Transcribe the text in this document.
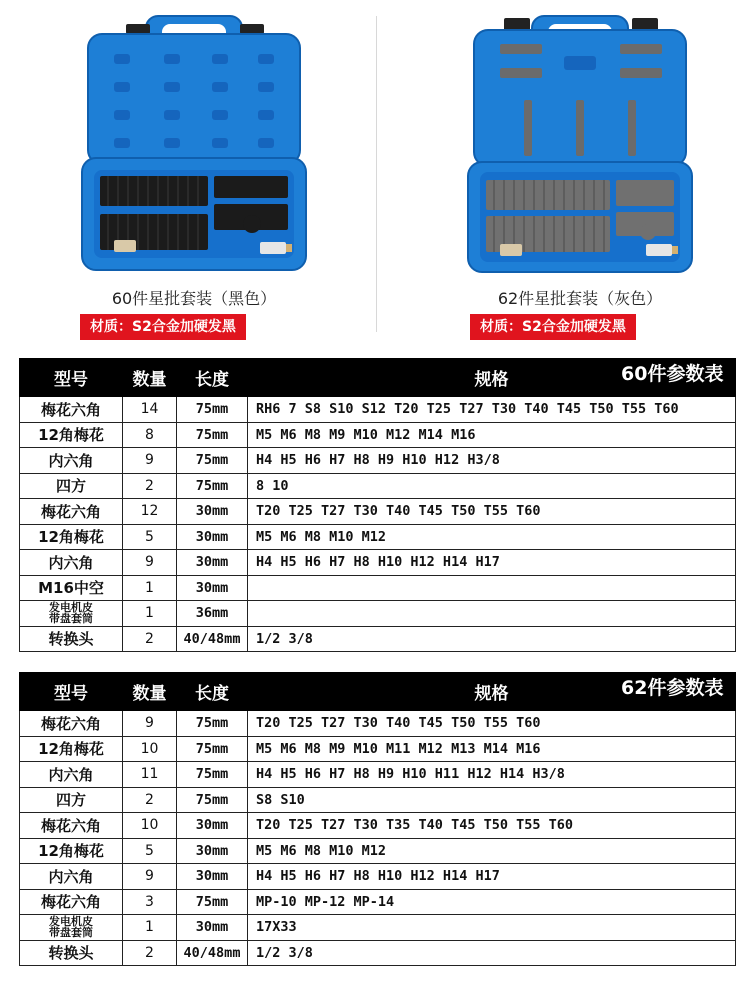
60件星批套装（黑色）
材质：S2合金加硬发黑
62件星批套装（灰色）
材质：S2合金加硬发黑
型号	数量	长度	规格 60件参数表

梅花六角	14	75mm	RH6 7 S8 S10 S12 T20 T25 T27 T30 T40 T45 T50 T55 T60
12角梅花	8	75mm	M5 M6 M8 M9 M10 M12 M14 M16
内六角	9	75mm	H4 H5 H6 H7 H8 H9 H10 H12 H3/8
四方	2	75mm	8 10
梅花六角	12	30mm	T20 T25 T27 T30 T40 T45 T50 T55 T60
12角梅花	5	30mm	M5 M6 M8 M10 M12
内六角	9	30mm	H4 H5 H6 H7 H8 H10 H12 H14 H17
M16中空	1	30mm	
发电机皮
带盘套筒	1	36mm	
转换头	2	40/48mm	1/2 3/8
型号	数量	长度	规格 62件参数表

梅花六角	9	75mm	T20 T25 T27 T30 T40 T45 T50 T55 T60
12角梅花	10	75mm	M5 M6 M8 M9 M10 M11 M12 M13 M14 M16
内六角	11	75mm	H4 H5 H6 H7 H8 H9 H10 H11 H12 H14 H3/8
四方	2	75mm	S8 S10
梅花六角	10	30mm	T20 T25 T27 T30 T35 T40 T45 T50 T55 T60
12角梅花	5	30mm	M5 M6 M8 M10 M12
内六角	9	30mm	H4 H5 H6 H7 H8 H10 H12 H14 H17
梅花六角	3	75mm	MP-10 MP-12 MP-14
发电机皮
带盘套筒	1	30mm	17X33
转换头	2	40/48mm	1/2 3/8
